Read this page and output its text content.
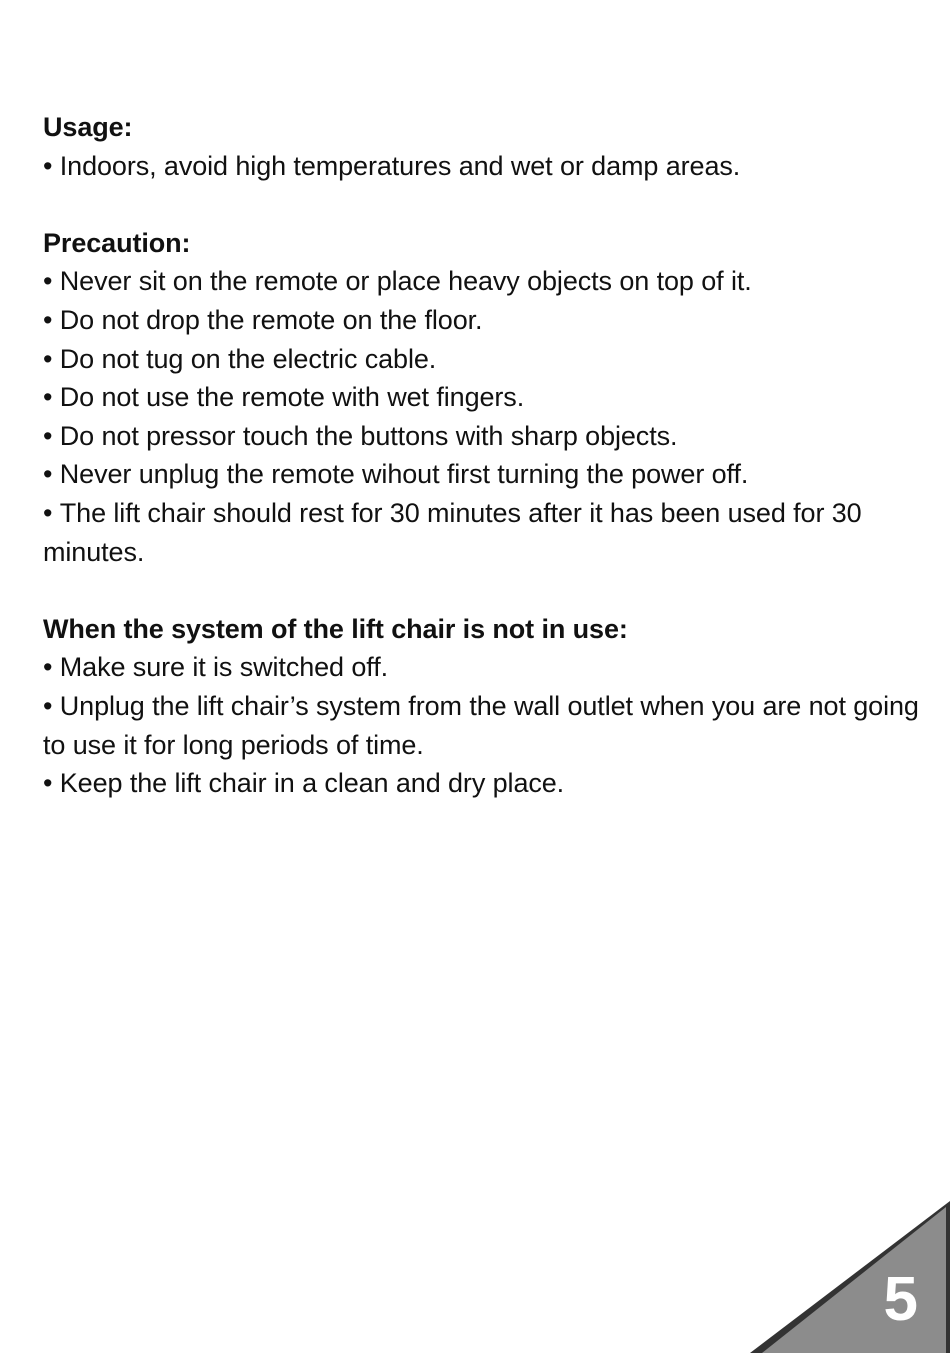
Usage:
• Indoors, avoid high temperatures and wet or damp areas.
Precaution:
• Never sit on the remote or place heavy objects on top of it.
• Do not drop the remote on the floor.
• Do not tug on the electric cable.
• Do not use the remote with wet fingers.
• Do not pressor touch the buttons with sharp objects.
• Never unplug the remote wihout first turning the power off.
• The lift chair should rest for 30 minutes after it has been used for 30 minutes.
When the system of the lift chair is not in use:
• Make sure it is switched off.
• Unplug the lift chair’s system from the wall outlet when you are not going to use it for long periods of time.
• Keep the lift chair in a clean and dry place.
5
